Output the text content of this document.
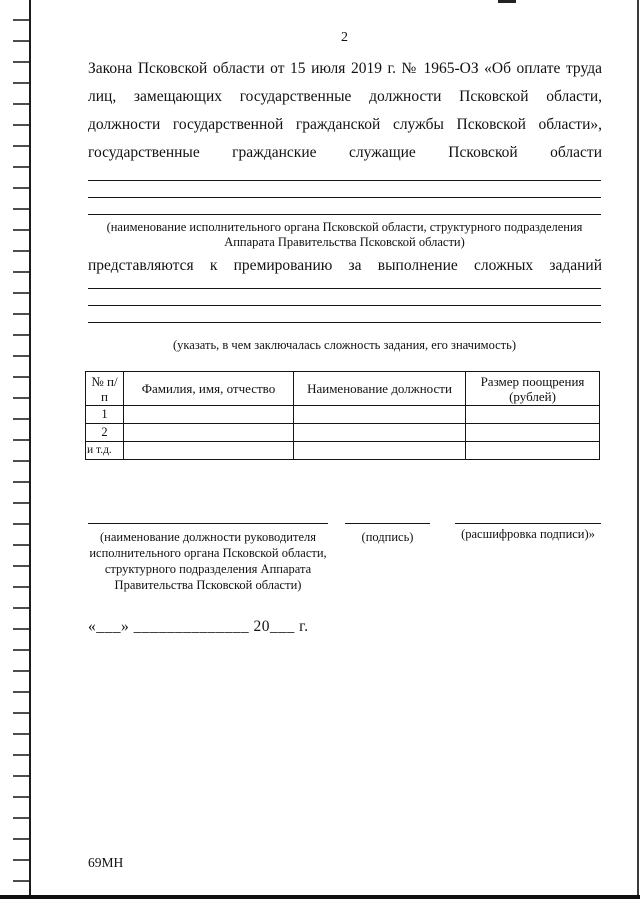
2
Закона Псковской области от 15 июля 2019 г. № 1965-ОЗ «Об оплате труда лиц, замещающих государственные должности Псковской области, должности государственной гражданской службы Псковской области», государственные гражданские служащие Псковской области
(наименование исполнительного органа Псковской области, структурного подразделения Аппарата Правительства Псковской области)
представляются к премированию за выполнение сложных заданий
(указать, в чем заключалась сложность задания, его значимость)
№ п/п	Фамилия, имя, отчество	Наименование должности	Размер поощрения (рублей)
1			
2			
и т.д.			
(наименование должности руководителя исполнительного органа Псковской области, структурного подразделения Аппарата Правительства Псковской области)
(подпись)	(расшифровка подписи)»
«___» ______________ 20___ г.
69МН
